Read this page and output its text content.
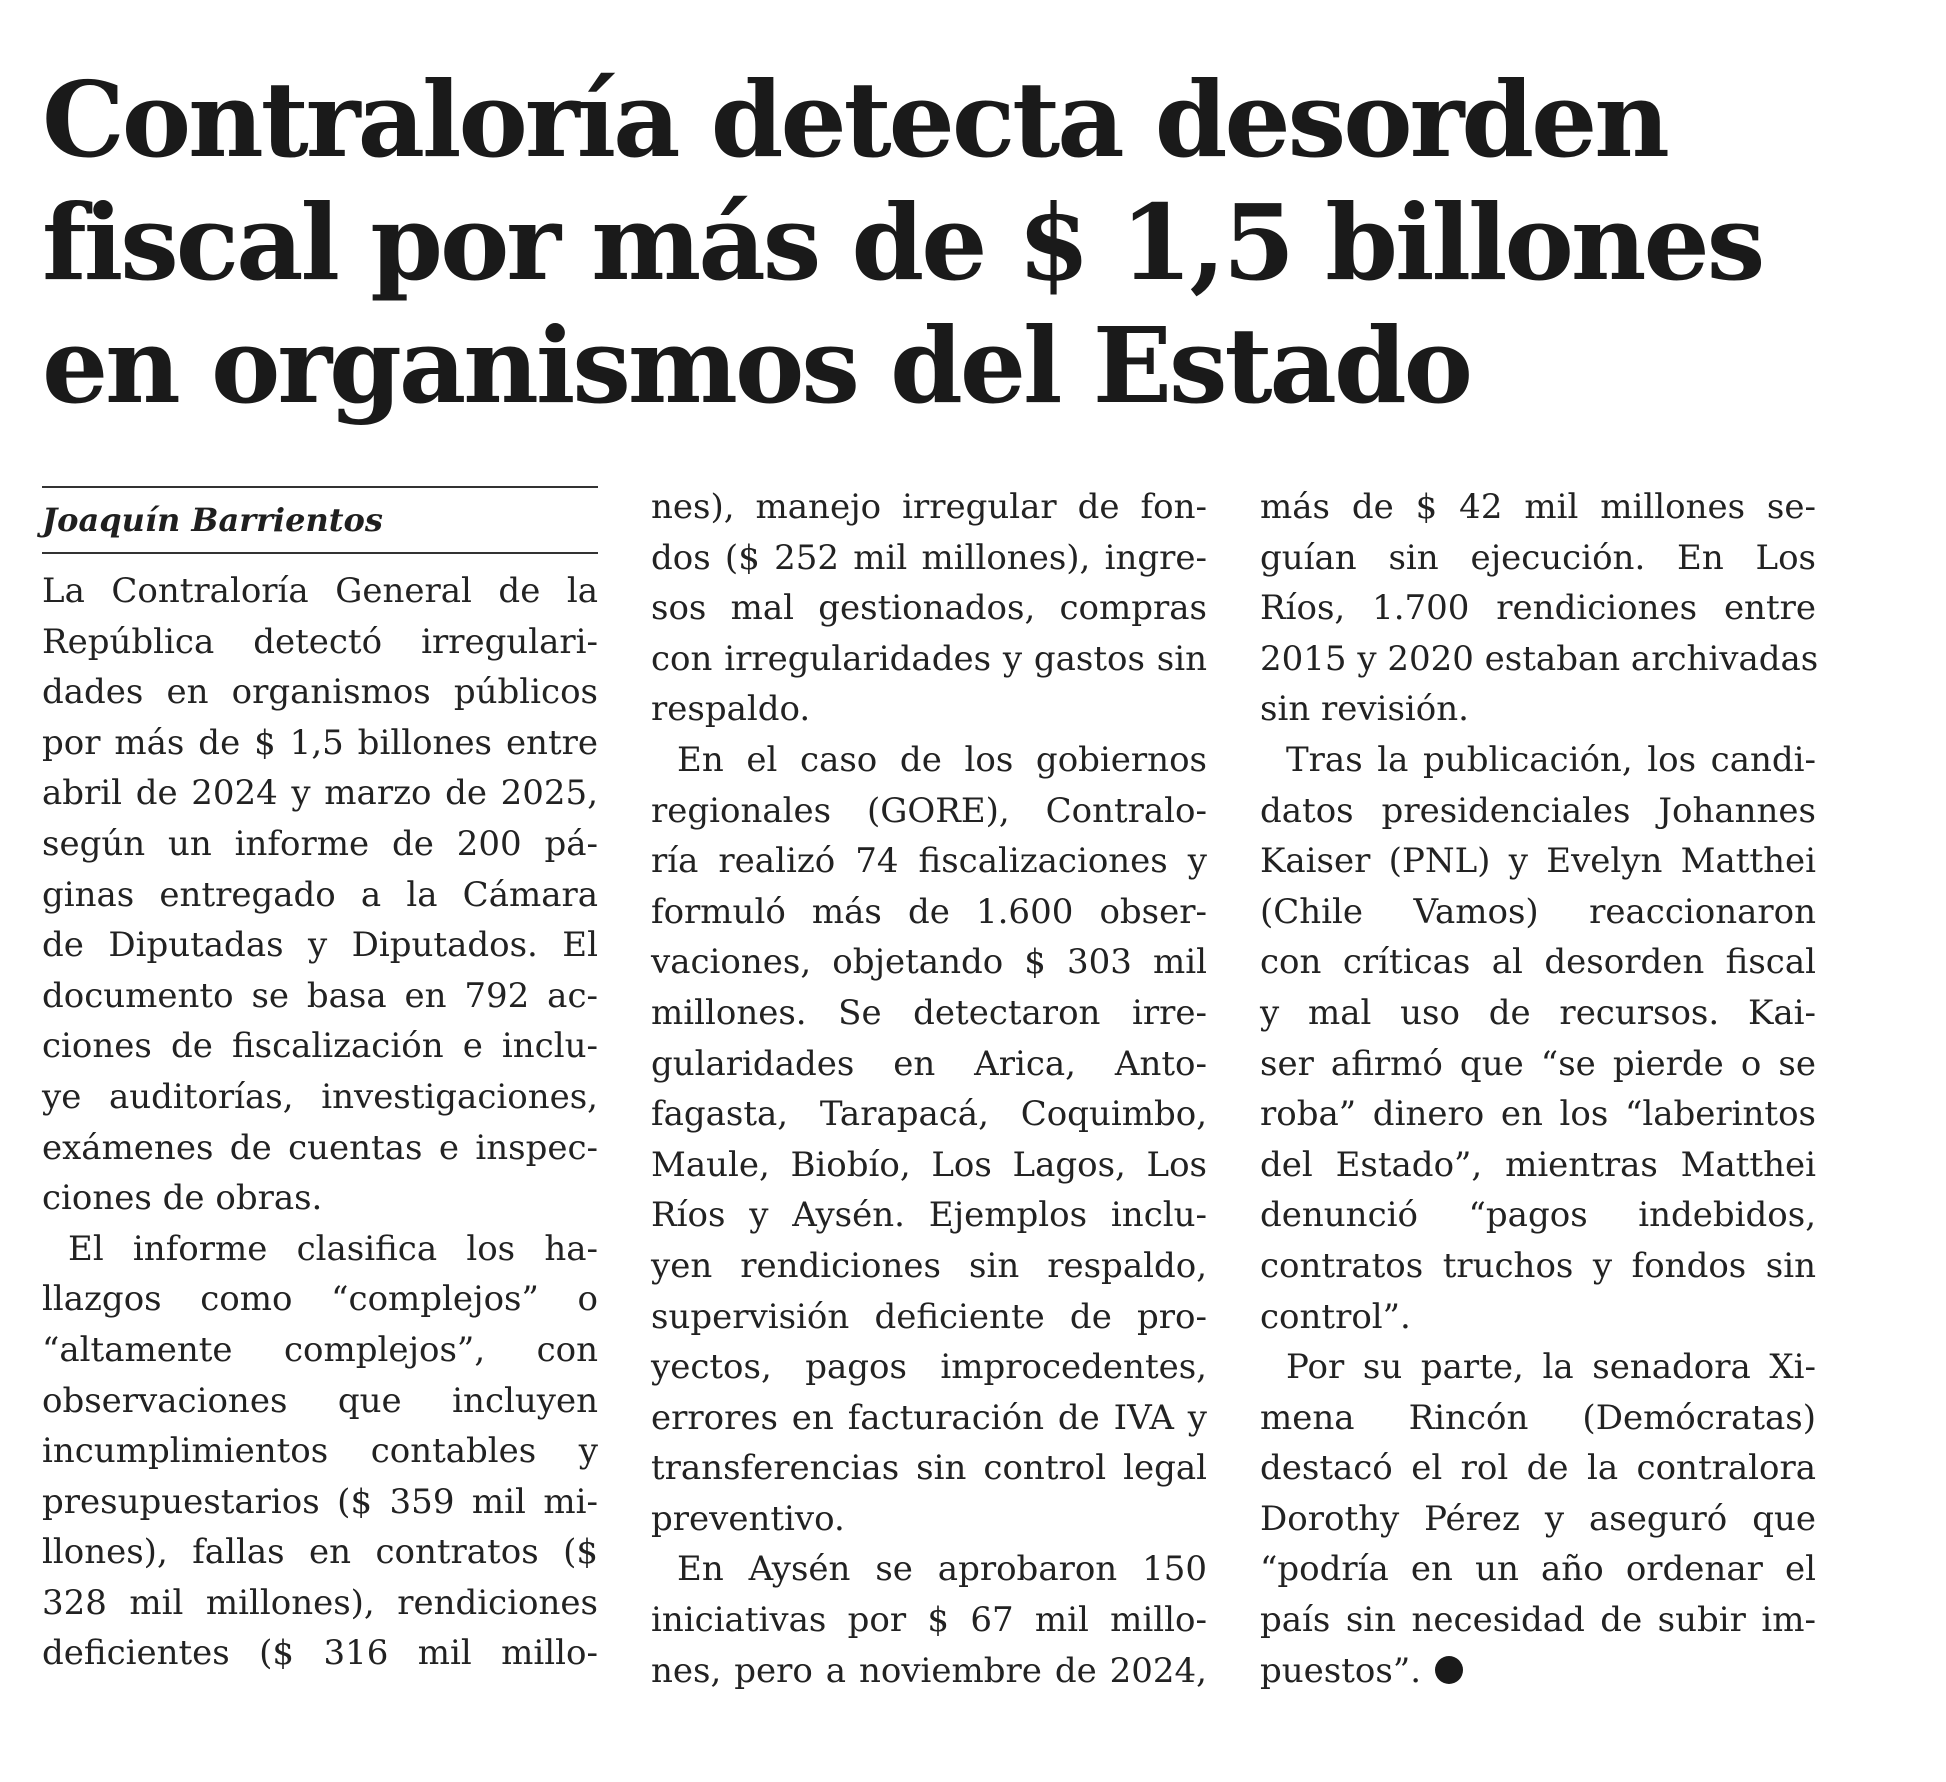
Contraloría detecta desorden
fiscal por más de $ 1,5 billones
en organismos del Estado
Joaquín Barrientos

La Contraloría General de la
República detectó irregulari-
dades en organismos públicos
por más de $ 1,5 billones entre
abril de 2024 y marzo de 2025,
según un informe de 200 pá-
ginas entregado a la Cámara
de Diputadas y Diputados. El
documento se basa en 792 ac-
ciones de fiscalización e inclu-
ye auditorías, investigaciones,
exámenes de cuentas e inspec-
ciones de obras.

El informe clasifica los ha-
llazgos como “complejos” o
“altamente complejos”, con
observaciones que incluyen
incumplimientos contables y
presupuestarios ($ 359 mil mi-
llones), fallas en contratos ($
328 mil millones), rendiciones
deficientes ($ 316 mil millo-

nes), manejo irregular de fon-
dos ($ 252 mil millones), ingre-
sos mal gestionados, compras
con irregularidades y gastos sin
respaldo.

En el caso de los gobiernos
regionales (GORE), Contralo-
ría realizó 74 fiscalizaciones y
formuló más de 1.600 obser-
vaciones, objetando $ 303 mil
millones. Se detectaron irre-
gularidades en Arica, Anto-
fagasta, Tarapacá, Coquimbo,
Maule, Biobío, Los Lagos, Los
Ríos y Aysén. Ejemplos inclu-
yen rendiciones sin respaldo,
supervisión deficiente de pro-
yectos, pagos improcedentes,
errores en facturación de IVA y
transferencias sin control legal
preventivo.

En Aysén se aprobaron 150
iniciativas por $ 67 mil millo-
nes, pero a noviembre de 2024,

más de $ 42 mil millones se-
guían sin ejecución. En Los
Ríos, 1.700 rendiciones entre
2015 y 2020 estaban archivadas
sin revisión.

Tras la publicación, los candi-
datos presidenciales Johannes
Kaiser (PNL) y Evelyn Matthei
(Chile Vamos) reaccionaron
con críticas al desorden fiscal
y mal uso de recursos. Kai-
ser afirmó que “se pierde o se
roba” dinero en los “laberintos
del Estado”, mientras Matthei
denunció “pagos indebidos,
contratos truchos y fondos sin
control”.

Por su parte, la senadora Xi-
mena Rincón (Demócratas)
destacó el rol de la contralora
Dorothy Pérez y aseguró que
“podría en un año ordenar el
país sin necesidad de subir im-
puestos”.
